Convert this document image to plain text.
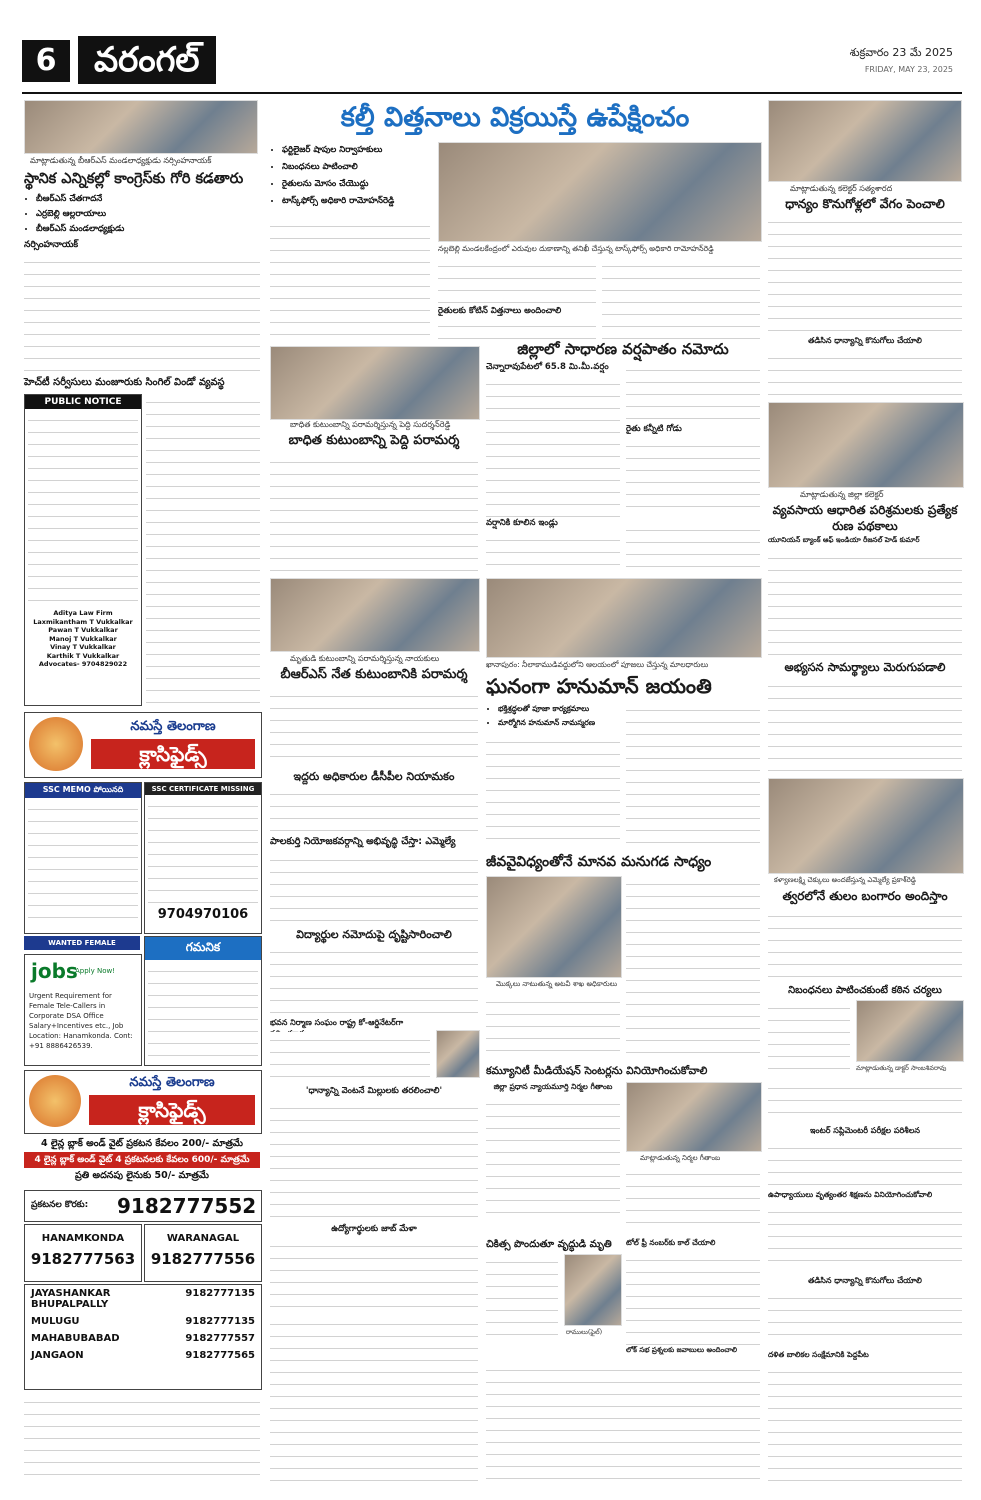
6	వరంగల్	శుక్రవారం 23 మే 2025
FRIDAY, MAY 23, 2025
మాట్లాడుతున్న బీఆర్ఎస్ మండలాధ్యక్షుడు నర్సింహనాయక్
స్థానిక ఎన్నికల్లో కాంగ్రెస్‌కు గోరి కడతారు
• బీఆర్ఎస్ చేతగాదనే
• ఎర్రబెల్లి ఆల్లరాయాలు
• బీఆర్ఎస్ మండలాధ్యక్షుడు
నర్సింహనాయక్
హెచ్‌టీ సర్వీసులు మంజూరుకు సింగిల్ విండో వ్యవస్థ
PUBLIC NOTICE
Aditya Law Firm
Laxmikantham T Vukkalkar
Pawan T Vukkalkar
Manoj T Vukkalkar
Vinay T Vukkalkar
Karthik T Vukkalkar
Advocates- 9704829022
నమస్తే తెలంగాణ
క్లాసిఫైడ్స్
SSC MEMO పోయినది	SSC CERTIFICATE MISSING
9704970106
WANTED FEMALE TELECALLERS
jobs
Apply Now!
Urgent Requirement for Female Tele-Callers in Corporate DSA Office Salary+Incentives etc., Job Location: Hanamkonda. Cont: +91 8886426539.
గమనిక
నమస్తే తెలంగాణ
క్లాసిఫైడ్స్
4 లైన్ల బ్లాక్ అండ్ వైట్ ప్రకటన కేవలం 200/- మాత్రమే
4 లైన్ల బ్లాక్ అండ్ వైట్ 4 ప్రకటనలకు కేవలం 600/- మాత్రమే
ప్రతి అదనపు లైనుకు 50/- మాత్రమే
ప్రకటనల కొరకు: 9182777552
HANAMKONDA
9182777563
WARANAGAL
9182777556
JAYASHANKAR BHUPALPALLY
9182777135
MULUGU	9182777135
MAHABUBABAD	9182777557
JANGAON	9182777565
కల్తీ విత్తనాలు విక్రయిస్తే ఉపేక్షించం
• ఫర్టిలైజర్ షాపుల నిర్వాహకులు
• నిబంధనలు పాటించాలి
• రైతులను మోసం చేయొద్దు
• టాస్క్‌ఫోర్స్ అధికారి రామోహన్‌రెడ్డి
నల్లబెల్లి మండలకేంద్రంలో ఎరువుల దుకాణాన్ని తనిఖీ చేస్తున్న టాస్క్‌ఫోర్స్ అధికారి రామోహన్‌రెడ్డి
రైతులకు కోటిన్ విత్తనాలు అందించాలి
బాధిత కుటుంబాన్ని పరామర్శిస్తున్న పెద్ది సుదర్శన్‌రెడ్డి
బాధిత కుటుంబాన్ని పెద్ది పరామర్శ
మృతుడి కుటుంబాన్ని పరామర్శిస్తున్న నాయకులు
బీఆర్ఎస్ నేత కుటుంబానికి పరామర్శ
ఇద్దరు అధికారుల డీసీపీల నియామకం
పాలకుర్తి నియోజకవర్గాన్ని అభివృద్ధి చేస్తా: ఎమ్మెల్యే
విద్యార్థుల నమోదుపై దృష్టిసారించాలి
భవన నిర్మాణ సంఘం రాష్ట్ర కో-ఆర్డినేటర్‌గా
'ధాన్యాన్ని వెంటనే మిల్లులకు తరలించాలి'
ఉద్యోగార్థులకు జాబ్ మేళా
జిల్లాలో సాధారణ వర్షపాతం నమోదు
చెన్నారావుపేటలో 65.8 మి.మీ.వర్షం
రైతు కన్నీటి గోడు
వర్షానికి కూలిన ఇండ్లు
ఖానాపురం: నీలాకాముడివద్దులోని ఆలయంలో పూజలు చేస్తున్న మాలధారులు
ఘనంగా హనుమాన్ జయంతి
• భక్తిశ్రద్ధలతో పూజా కార్యక్రమాలు
• మార్మోగిన హనుమాన్ నామస్మరణ
జీవవైవిధ్యంతోనే మానవ మనుగడ సాధ్యం
మొక్కలు నాటుతున్న అటవీ శాఖ అధికారులు
కమ్యూనిటీ మీడియేషన్ సెంటర్లను వినియోగించుకోవాలి
జిల్లా ప్రధాన న్యాయమూర్తి నిర్మల గీతాంబ
మాట్లాడుతున్న నిర్మల గీతాంబ
చికిత్స పొందుతూ వృద్ధుడి మృతి
రాములు(ఫైల్)
టోల్ ఫ్రీ నంబర్‌కు కాల్ చేయాలి
లోక్ సభ ప్రశ్నలకు జవాబులు అందించాలి
మాట్లాడుతున్న కలెక్టర్ సత్యశారద
ధాన్యం కొనుగోళ్లలో వేగం పెంచాలి
తడిసిన ధాన్యాన్ని కొనుగోలు చేయాలి
మాట్లాడుతున్న జిల్లా కలెక్టర్
వ్యవసాయ ఆధారిత పరిశ్రమలకు ప్రత్యేక రుణ పథకాలు
యూనియన్ బ్యాంక్ ఆఫ్ ఇండియా రీజనల్ హెడ్ కుమార్
అభ్యసన సామర్థ్యాలు మెరుగుపడాలి
కళ్యాణలక్ష్మి చెక్కులు అందజేస్తున్న ఎమ్మెల్యే ప్రకాశ్‌రెడ్డి
త్వరలోనే తులం బంగారం అందిస్తాం
నిబంధనలు పాటించకుంటే కఠిన చర్యలు
మాట్లాడుతున్న డాక్టర్ సాంబశివరావు
ఇంటర్ సప్లిమెంటరీ పరీక్షల పరిశీలన
ఉపాధ్యాయులు వృత్యంతర శిక్షణను వినియోగించుకోవాలి
తడిసిన ధాన్యాన్ని కొనుగోలు చేయాలి
దళిత బాలికల సంక్షేమానికి పెద్దపీట
